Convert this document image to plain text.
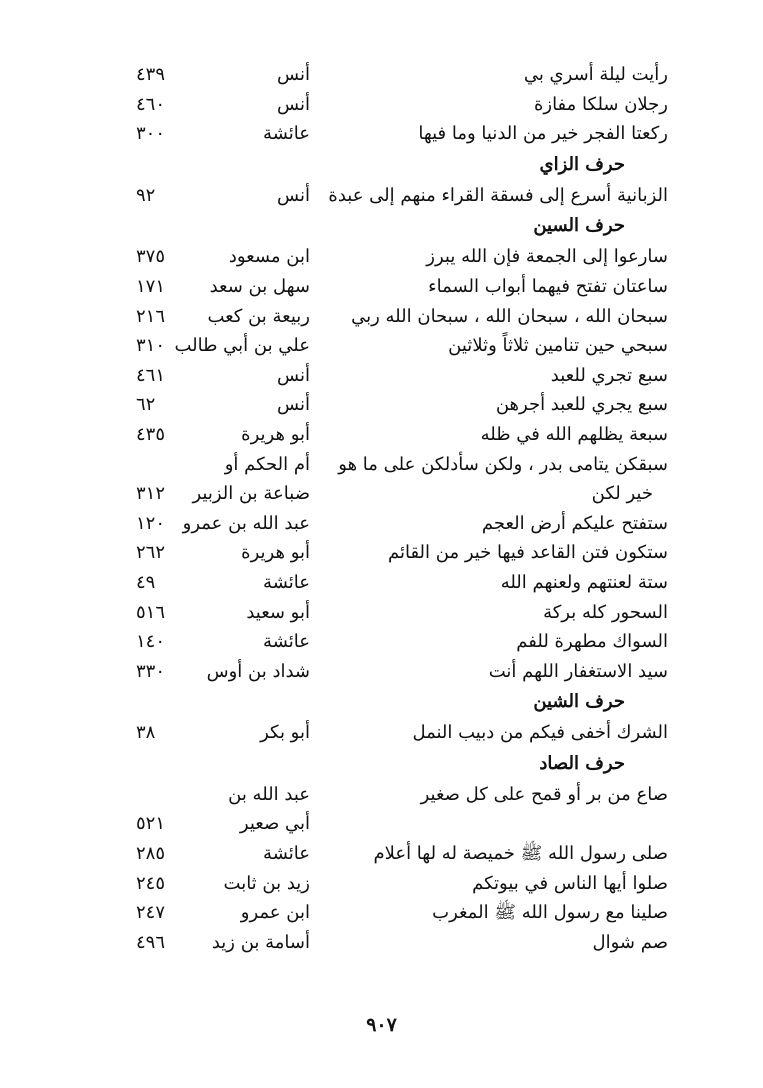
رأيت ليلة أسري بي
أنس
٤٣٩
رجلان سلكا مفازة
أنس
٤٦٠
ركعتا الفجر خير من الدنيا وما فيها
عائشة
٣٠٠
حرف الزاي
الزبانية أسرع إلى فسقة القراء منهم إلى عبدة
أنس
٩٢
حرف السين
سارعوا إلى الجمعة فإن الله يبرز
ابن مسعود
٣٧٥
ساعتان تفتح فيهما أبواب السماء
سهل بن سعد
١٧١
سبحان الله ، سبحان الله ، سبحان الله ربي
ربيعة بن كعب
٢١٦
سبحي حين تنامين ثلاثاً وثلاثين
علي بن أبي طالب
٣١٠
سبع تجري للعبد
أنس
٤٦١
سبع يجري للعبد أجرهن
أنس
٦٢
سبعة يظلهم الله في ظله
أبو هريرة
٤٣٥
سبقكن يتامى بدر ، ولكن سأدلكن على ما هو
أم الحكم أو
خير لكن
ضباعة بن الزبير
٣١٢
ستفتح عليكم أرض العجم
عبد الله بن عمرو
١٢٠
ستكون فتن القاعد فيها خير من القائم
أبو هريرة
٢٦٢
ستة لعنتهم ولعنهم الله
عائشة
٤٩
السحور كله بركة
أبو سعيد
٥١٦
السواك مطهرة للفم
عائشة
١٤٠
سيد الاستغفار اللهم أنت
شداد بن أوس
٣٣٠
حرف الشين
الشرك أخفى فيكم من دبيب النمل
أبو بكر
٣٨
حرف الصاد
صاع من بر أو قمح على كل صغير
عبد الله بن
أبي صعير
٥٢١
صلى رسول الله ﷺ خميصة له لها أعلام
عائشة
٢٨٥
صلوا أيها الناس في بيوتكم
زيد بن ثابت
٢٤٥
صلينا مع رسول الله ﷺ المغرب
ابن عمرو
٢٤٧
صم شوال
أسامة بن زيد
٤٩٦
٩٠٧
